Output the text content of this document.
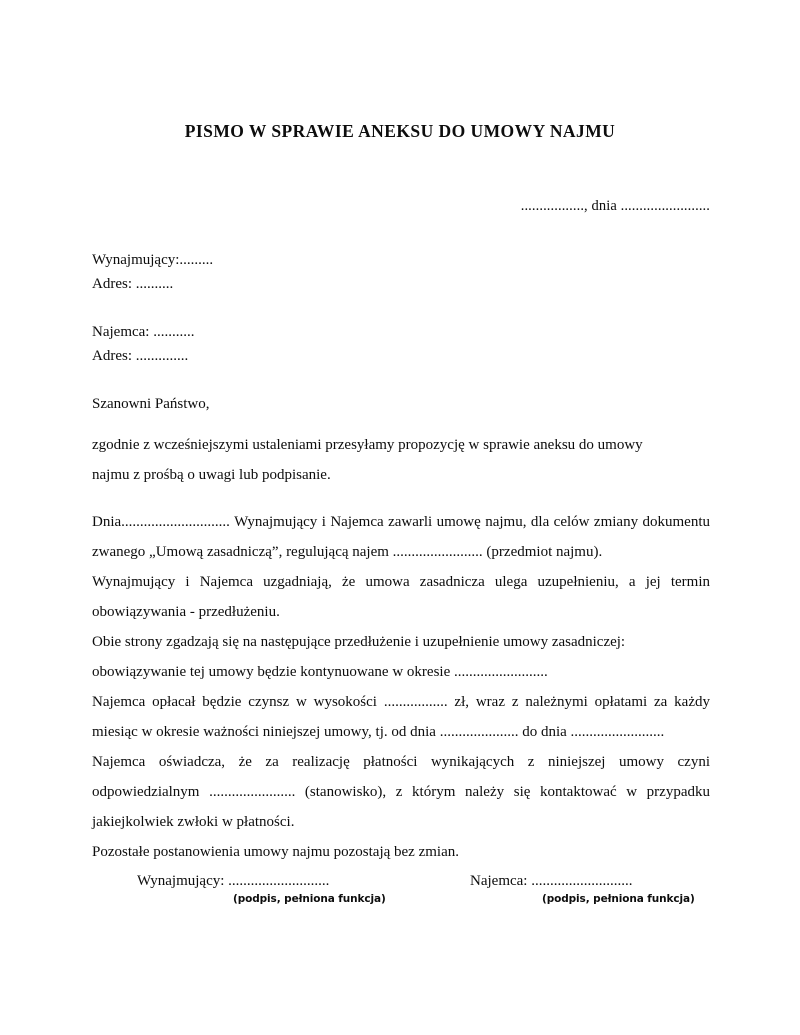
PISMO W SPRAWIE ANEKSU DO UMOWY NAJMU
................., dnia ........................
Wynajmujący:.........
Adres: ..........
Najemca: ...........
Adres: ..............
Szanowni Państwo,

zgodnie z wcześniejszymi ustaleniami przesyłamy propozycję w sprawie aneksu do umowy

najmu z prośbą o uwagi lub podpisanie.

Dnia............................. Wynajmujący i Najemca zawarli umowę najmu, dla celów zmiany dokumentu zwanego „Umową zasadniczą”, regulującą najem ........................ (przedmiot najmu).

Wynajmujący i Najemca uzgadniają, że umowa zasadnicza ulega uzupełnieniu, a jej termin obowiązywania - przedłużeniu.

Obie strony zgadzają się na następujące przedłużenie i uzupełnienie umowy zasadniczej:

obowiązywanie tej umowy będzie kontynuowane w okresie .........................

Najemca opłacał będzie czynsz w wysokości ................. zł, wraz z należnymi opłatami za każdy miesiąc w okresie ważności niniejszej umowy, tj. od dnia ..................... do dnia .........................

Najemca oświadcza, że za realizację płatności wynikających z niniejszej umowy czyni odpowiedzialnym ....................... (stanowisko), z którym należy się kontaktować w przypadku jakiejkolwiek zwłoki w płatności.

Pozostałe postanowienia umowy najmu pozostają bez zmian.

Wynajmujący: ...........................
(podpis, pełniona funkcja)
Najemca: ...........................
(podpis, pełniona funkcja)
